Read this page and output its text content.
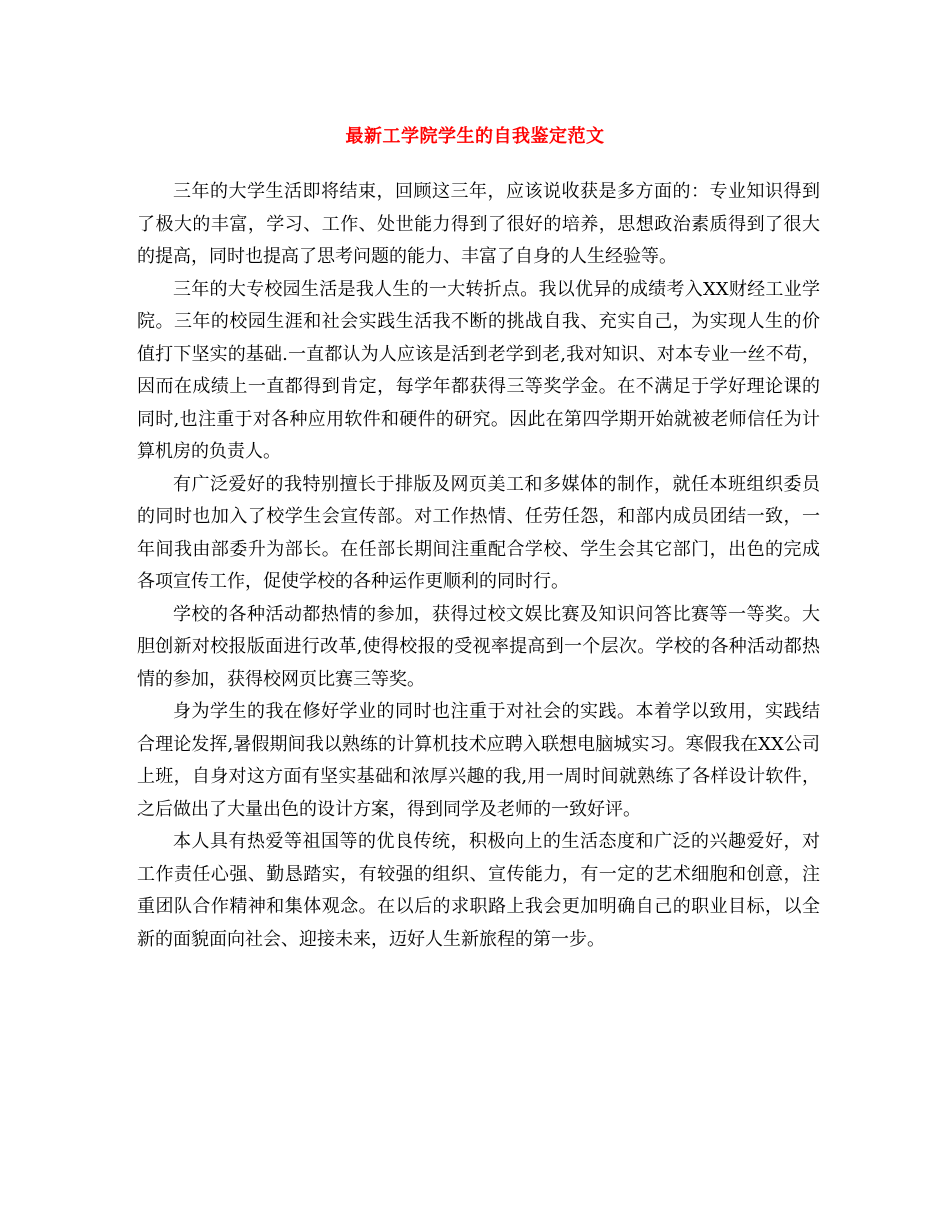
最新工学院学生的自我鉴定范文

三年的大学生活即将结束，回顾这三年，应该说收获是多方面的：专业知识得到了极大的丰富，学习、工作、处世能力得到了很好的培养，思想政治素质得到了很大的提高，同时也提高了思考问题的能力、丰富了自身的人生经验等。

三年的大专校园生活是我人生的一大转折点。我以优异的成绩考入XX财经工业学院。三年的校园生涯和社会实践生活我不断的挑战自我、充实自己，为实现人生的价值打下坚实的基础.一直都认为人应该是活到老学到老,我对知识、对本专业一丝不苟，因而在成绩上一直都得到肯定，每学年都获得三等奖学金。在不满足于学好理论课的同时,也注重于对各种应用软件和硬件的研究。因此在第四学期开始就被老师信任为计算机房的负责人。

有广泛爱好的我特别擅长于排版及网页美工和多媒体的制作，就任本班组织委员的同时也加入了校学生会宣传部。对工作热情、任劳任怨，和部内成员团结一致，一年间我由部委升为部长。在任部长期间注重配合学校、学生会其它部门，出色的完成各项宣传工作，促使学校的各种运作更顺利的同时行。

学校的各种活动都热情的参加，获得过校文娱比赛及知识问答比赛等一等奖。大胆创新对校报版面进行改革,使得校报的受视率提高到一个层次。学校的各种活动都热情的参加，获得校网页比赛三等奖。

身为学生的我在修好学业的同时也注重于对社会的实践。本着学以致用，实践结合理论发挥,暑假期间我以熟练的计算机技术应聘入联想电脑城实习。寒假我在XX公司上班，自身对这方面有坚实基础和浓厚兴趣的我,用一周时间就熟练了各样设计软件，之后做出了大量出色的设计方案，得到同学及老师的一致好评。

本人具有热爱等祖国等的优良传统，积极向上的生活态度和广泛的兴趣爱好，对工作责任心强、勤恳踏实，有较强的组织、宣传能力，有一定的艺术细胞和创意，注重团队合作精神和集体观念。在以后的求职路上我会更加明确自己的职业目标，以全新的面貌面向社会、迎接未来，迈好人生新旅程的第一步。
